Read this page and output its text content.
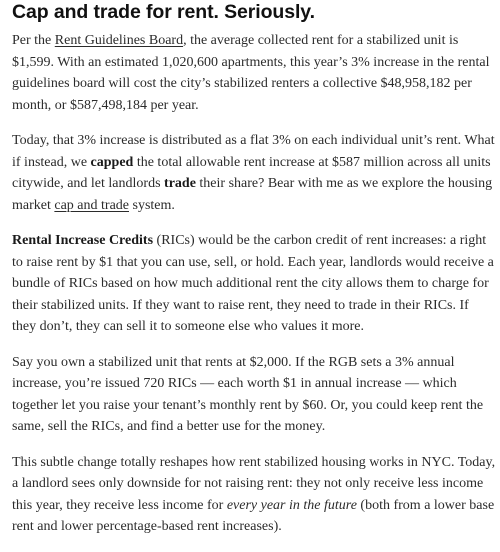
Cap and trade for rent. Seriously.

Per the Rent Guidelines Board, the average collected rent for a stabilized unit is $1,599. With an estimated 1,020,600 apartments, this year’s 3% increase in the rental guidelines board will cost the city’s stabilized renters a collective $48,958,182 per month, or $587,498,184 per year.

Today, that 3% increase is distributed as a flat 3% on each individual unit’s rent. What if instead, we capped the total allowable rent increase at $587 million across all units citywide, and let landlords trade their share? Bear with me as we explore the housing market cap and trade system.

Rental Increase Credits (RICs) would be the carbon credit of rent increases: a right to raise rent by $1 that you can use, sell, or hold. Each year, landlords would receive a bundle of RICs based on how much additional rent the city allows them to charge for their stabilized units. If they want to raise rent, they need to trade in their RICs. If they don’t, they can sell it to someone else who values it more.

Say you own a stabilized unit that rents at $2,000. If the RGB sets a 3% annual increase, you’re issued 720 RICs — each worth $1 in annual increase — which together let you raise your tenant’s monthly rent by $60. Or, you could keep rent the same, sell the RICs, and find a better use for the money.

This subtle change totally reshapes how rent stabilized housing works in NYC. Today, a landlord sees only downside for not raising rent: they not only receive less income this year, they receive less income for every year in the future (both from a lower base rent and lower percentage-based rent increases).
